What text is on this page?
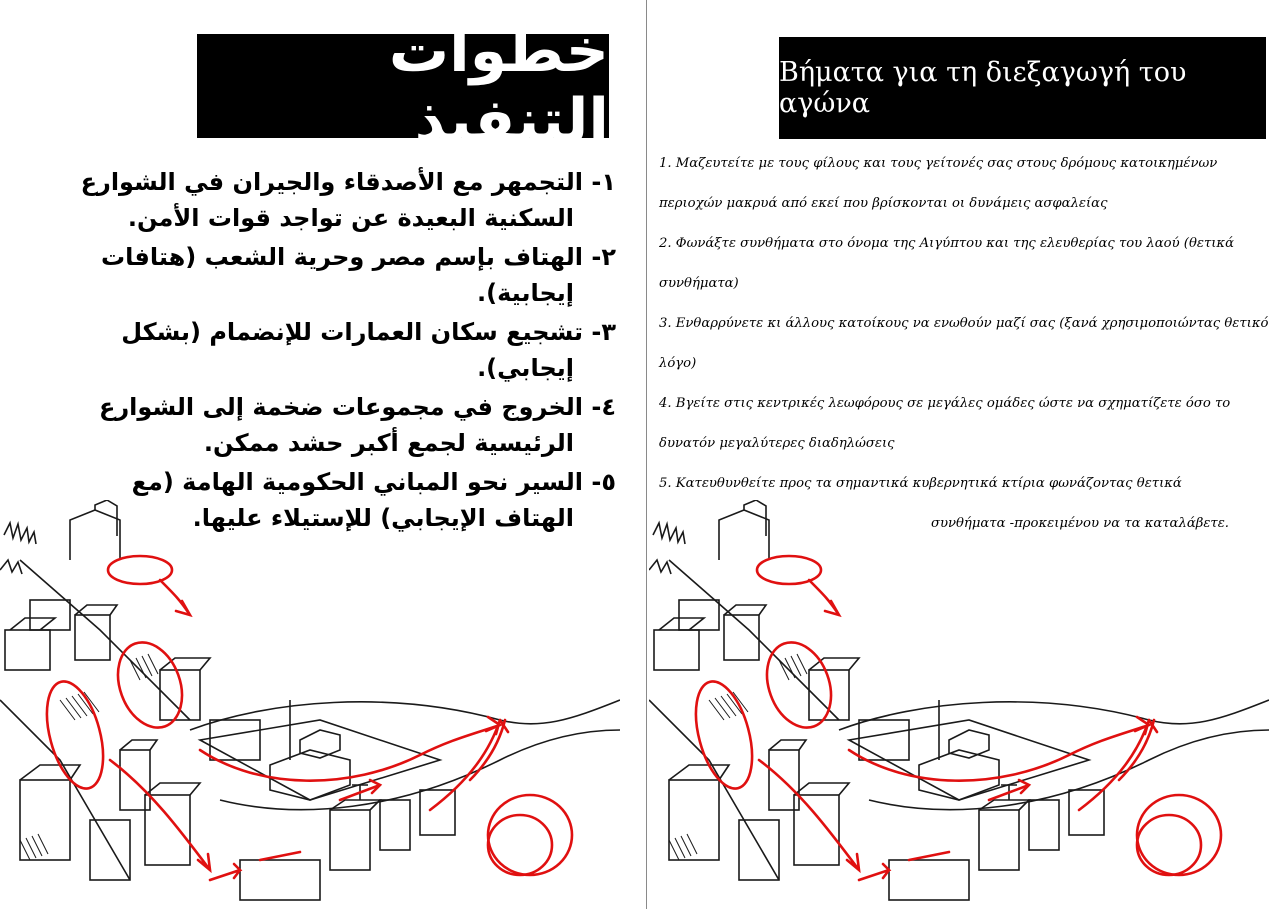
خطوات التنفيذ
١- التجمهر مع الأصدقاء والجيران في الشوارع السكنية البعيدة عن تواجد قوات الأمن.
٢- الهتاف بإسم مصر وحرية الشعب (هتافات إيجابية).
٣- تشجيع سكان العمارات للإنضمام (بشكل إيجابي).
٤- الخروج في مجموعات ضخمة إلى الشوارع الرئيسية لجمع أكبر حشد ممكن.
٥- السير نحو المباني الحكومية الهامة (مع الهتاف الإيجابي) للإستيلاء عليها.
Βήματα για τη διεξαγωγή του αγώνα

1. Μαζευτείτε με τους φίλους και τους γείτονές σας στους δρόμους κατοικημένων περιοχών μακρυά από εκεί που βρίσκονται οι δυνάμεις ασφαλείας

2. Φωνάξτε συνθήματα στο όνομα της Αιγύπτου και της ελευθερίας του λαού (θετικά συνθήματα)

3. Ενθαρρύνετε κι άλλους κατοίκους να ενωθούν μαζί σας (ξανά χρησιμοποιώντας θετικό λόγο)

4. Βγείτε στις κεντρικές λεωφόρους σε μεγάλες ομάδες ώστε να σχηματίζετε όσο το δυνατόν μεγαλύτερες διαδηλώσεις

5. Κατευθυνθείτε προς τα σημαντικά κυβερνητικά κτίρια φωνάζοντας θετικά
συνθήματα -προκειμένου να τα καταλάβετε.
